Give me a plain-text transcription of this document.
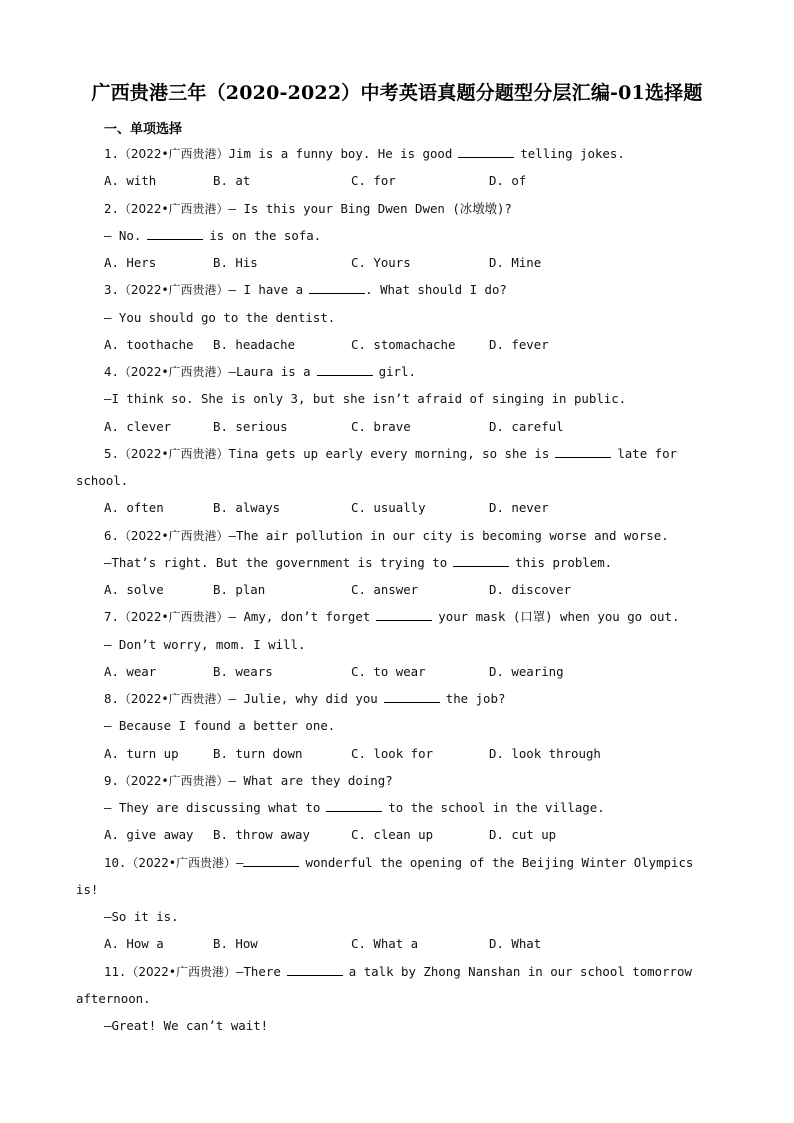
广西贵港三年（2020-2022）中考英语真题分题型分层汇编-01选择题
一、单项选择
1.（2022•广西贵港）Jim is a funny boy. He is good	telling jokes.
A. with	B. at	C. for	D. of
2.（2022•广西贵港）— Is this your Bing Dwen Dwen (冰墩墩)?
— No.	is on the sofa.
A. Hers	B. His	C. Yours	D. Mine
3.（2022•广西贵港）— I have a	. What should I do?
— You should go to the dentist.
A. toothache	B. headache	C. stomachache	D. fever
4.（2022•广西贵港）—Laura is a	girl.
—I think so. She is only 3, but she isn’t afraid of singing in public.
A. clever	B. serious	C. brave	D. careful
5.（2022•广西贵港）Tina gets up early every morning, so she is	late for
school.
A. often	B. always	C. usually	D. never
6.（2022•广西贵港）—The air pollution in our city is becoming worse and worse.
—That’s right. But the government is trying to	this problem.
A. solve	B. plan	C. answer	D. discover
7.（2022•广西贵港）— Amy, don’t forget	your mask (口罩) when you go out.
— Don’t worry, mom. I will.
A. wear	B. wears	C. to wear	D. wearing
8.（2022•广西贵港）— Julie, why did you	the job?
— Because I found a better one.
A. turn up	B. turn down	C. look for	D. look through
9.（2022•广西贵港）— What are they doing?
— They are discussing what to	to the school in the village.
A. give away	B. throw away	C. clean up	D. cut up
10.（2022•广西贵港）—	wonderful the opening of the Beijing Winter Olympics
is!
—So it is.
A. How a	B. How	C. What a	D. What
11.（2022•广西贵港）—There	a talk by Zhong Nanshan in our school tomorrow
afternoon.
—Great! We can’t wait!
